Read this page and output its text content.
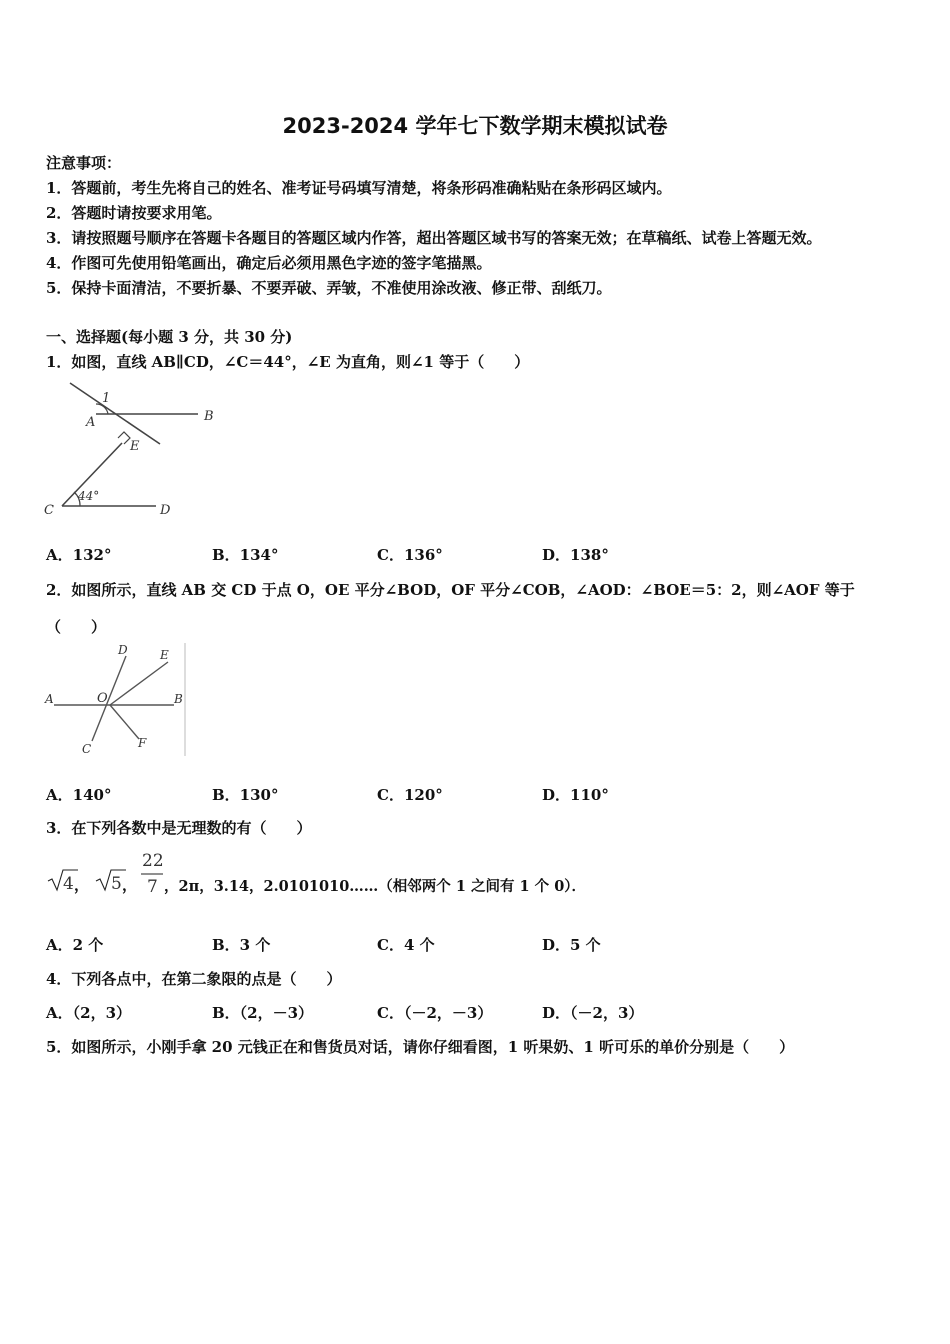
2023-2024 学年七下数学期末模拟试卷
注意事项：
1．答题前，考生先将自己的姓名、准考证号码填写清楚，将条形码准确粘贴在条形码区域内。
2．答题时请按要求用笔。
3．请按照题号顺序在答题卡各题目的答题区域内作答，超出答题区域书写的答案无效；在草稿纸、试卷上答题无效。
4．作图可先使用铅笔画出，确定后必须用黑色字迹的签字笔描黑。
5．保持卡面清洁，不要折暴、不要弄破、弄皱，不准使用涂改液、修正带、刮纸刀。
一、选择题(每小题 3 分，共 30 分)
1．如图，直线 AB∥CD，∠C＝44°，∠E 为直角，则∠1 等于（　　）
1
A	B
E
C	D
44°
A．132°	B．134°	C．136°	D．138°
2．如图所示，直线 AB 交 CD 于点 O，OE 平分∠BOD，OF 平分∠COB，∠AOD：∠BOE＝5：2，则∠AOF 等于
（　　）
A	O	B
C
D	E
F
A．140°	B．130°	C．120°	D．110°
3．在下列各数中是无理数的有（　　）
4 5
22
7
， ， ，2π，3.14，2.0101010……（相邻两个 1 之间有 1 个 0）．
A．2 个	B．3 个	C．4 个	D．5 个
4．下列各点中，在第二象限的点是（　　）
A．（2，3）	B．（2，－3）	C．（－2，－3）	D．（－2，3）
5．如图所示，小刚手拿 20 元钱正在和售货员对话，请你仔细看图，1 听果奶、1 听可乐的单价分别是（　　）
